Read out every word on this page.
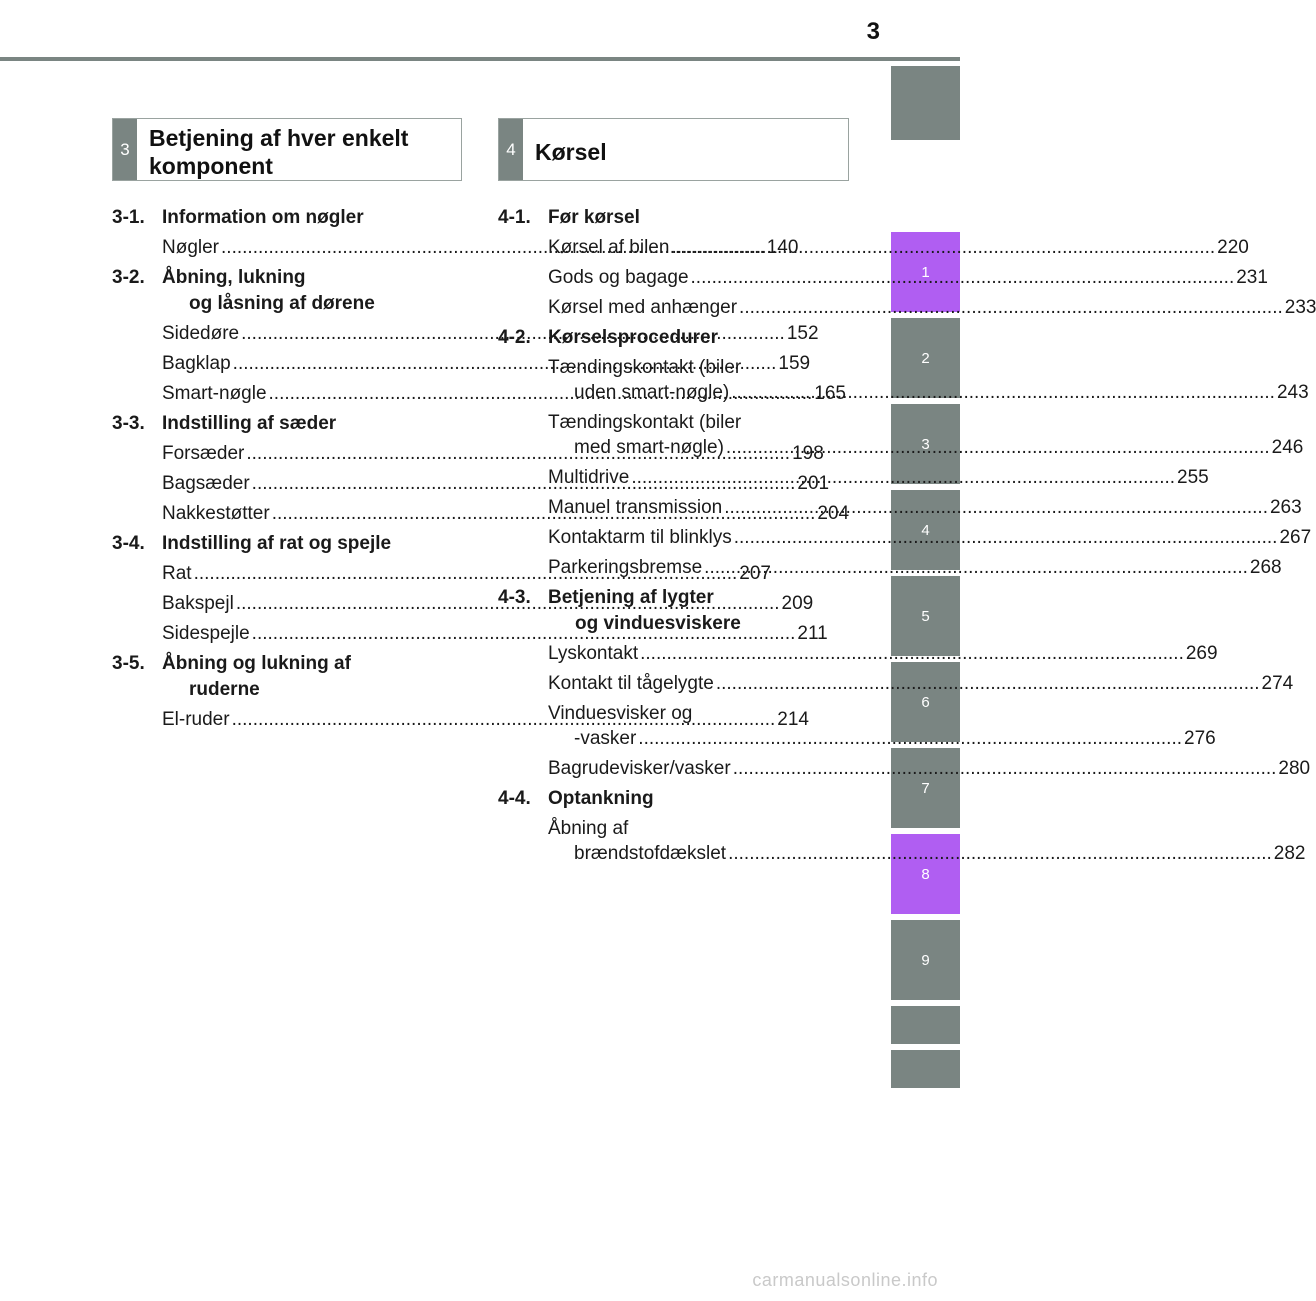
3
1
2
3
4
5
6
7
8
9
3 Betjening af hver enkelt
komponent
4 Kørsel
3-1. Information om nøgler
Nøgler .....	140
3-2. Åbning, lukning
og låsning af dørene
Sidedøre .....	152
Bagklap .....	159
Smart-nøgle .....	165
3-3. Indstilling af sæder
Forsæder .....	198
Bagsæder .....	201
Nakkestøtter .....	204
3-4. Indstilling af rat og spejle
Rat .....	207
Bakspejl .....	209
Sidespejle .....	211
3-5. Åbning og lukning af
ruderne
El-ruder .....	214
4-1. Før kørsel
Kørsel af bilen .....	220
Gods og bagage .....	231
Kørsel med anhænger .....	233
4-2. Kørselsprocedurer
Tændingskontakt (biler
uden smart-nøgle) .....	243
Tændingskontakt (biler
med smart-nøgle) .....	246
Multidrive .....	255
Manuel transmission .....	263
Kontaktarm til blinklys .....	267
Parkeringsbremse .....	268
4-3. Betjening af lygter
og vinduesviskere
Lyskontakt .....	269
Kontakt til tågelygte .....	274
Vinduesvisker og
-vasker .....	276
Bagrudevisker/vasker .....	280
4-4. Optankning
Åbning af
brændstofdækslet .....	282
carmanualsonline.info
